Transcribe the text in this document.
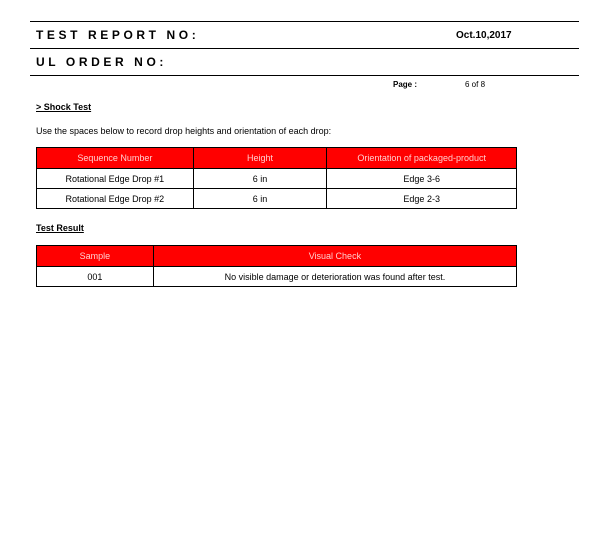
TEST REPORT NO:	Oct.10,2017
UL ORDER NO:
Page :	6 of 8
> Shock Test
Use the spaces below to record drop heights and orientation of each drop:
Sequence Number	Height	Orientation of packaged-product
Rotational Edge Drop #1	6 in	Edge 3-6
Rotational Edge Drop #2	6 in	Edge 2-3
Test Result
Sample	Visual Check
001	No visible damage or deterioration was found after test.
